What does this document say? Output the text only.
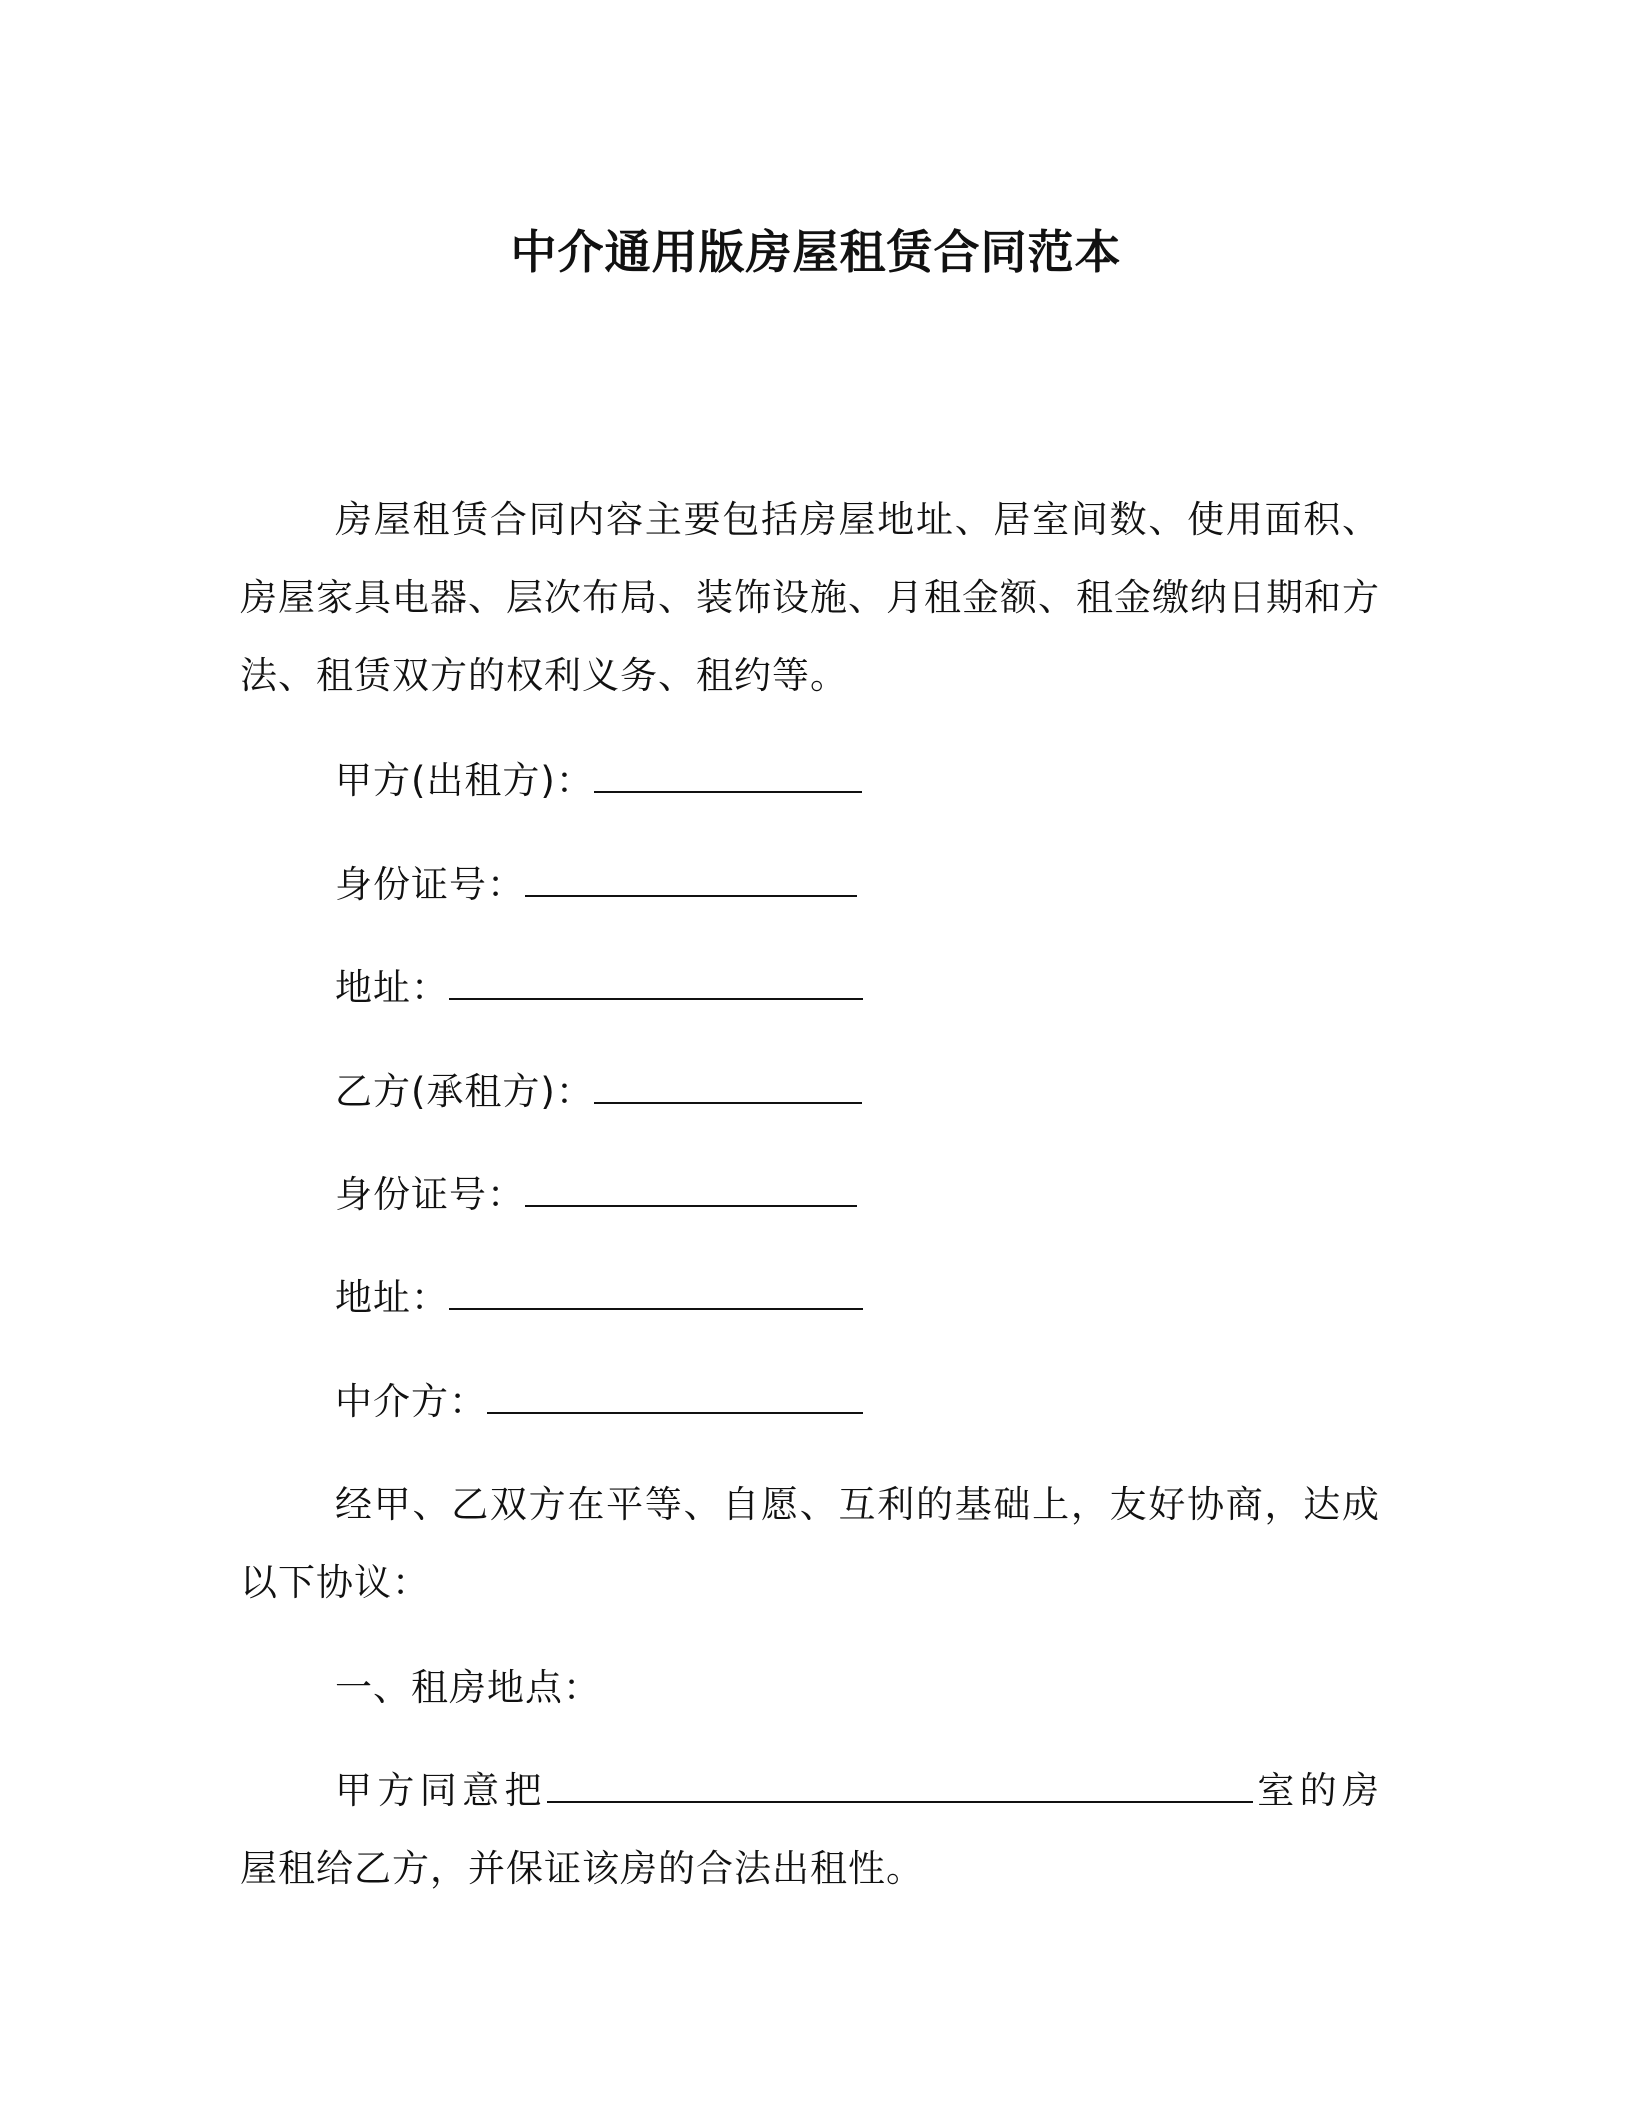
中介通用版房屋租赁合同范本
房屋租赁合同内容主要包括房屋地址、居室间数、使用面积、房屋家具电器、层次布局、装饰设施、月租金额、租金缴纳日期和方法、租赁双方的权利义务、租约等。
甲方(出租方)：
身份证号：
地址：
乙方(承租方)：
身份证号：
地址：
中介方：
经甲、乙双方在平等、自愿、互利的基础上，友好协商，达成以下协议：
一、租房地点：
甲方同意把	室的房屋租给乙方，并保证该房的合法出租性。
